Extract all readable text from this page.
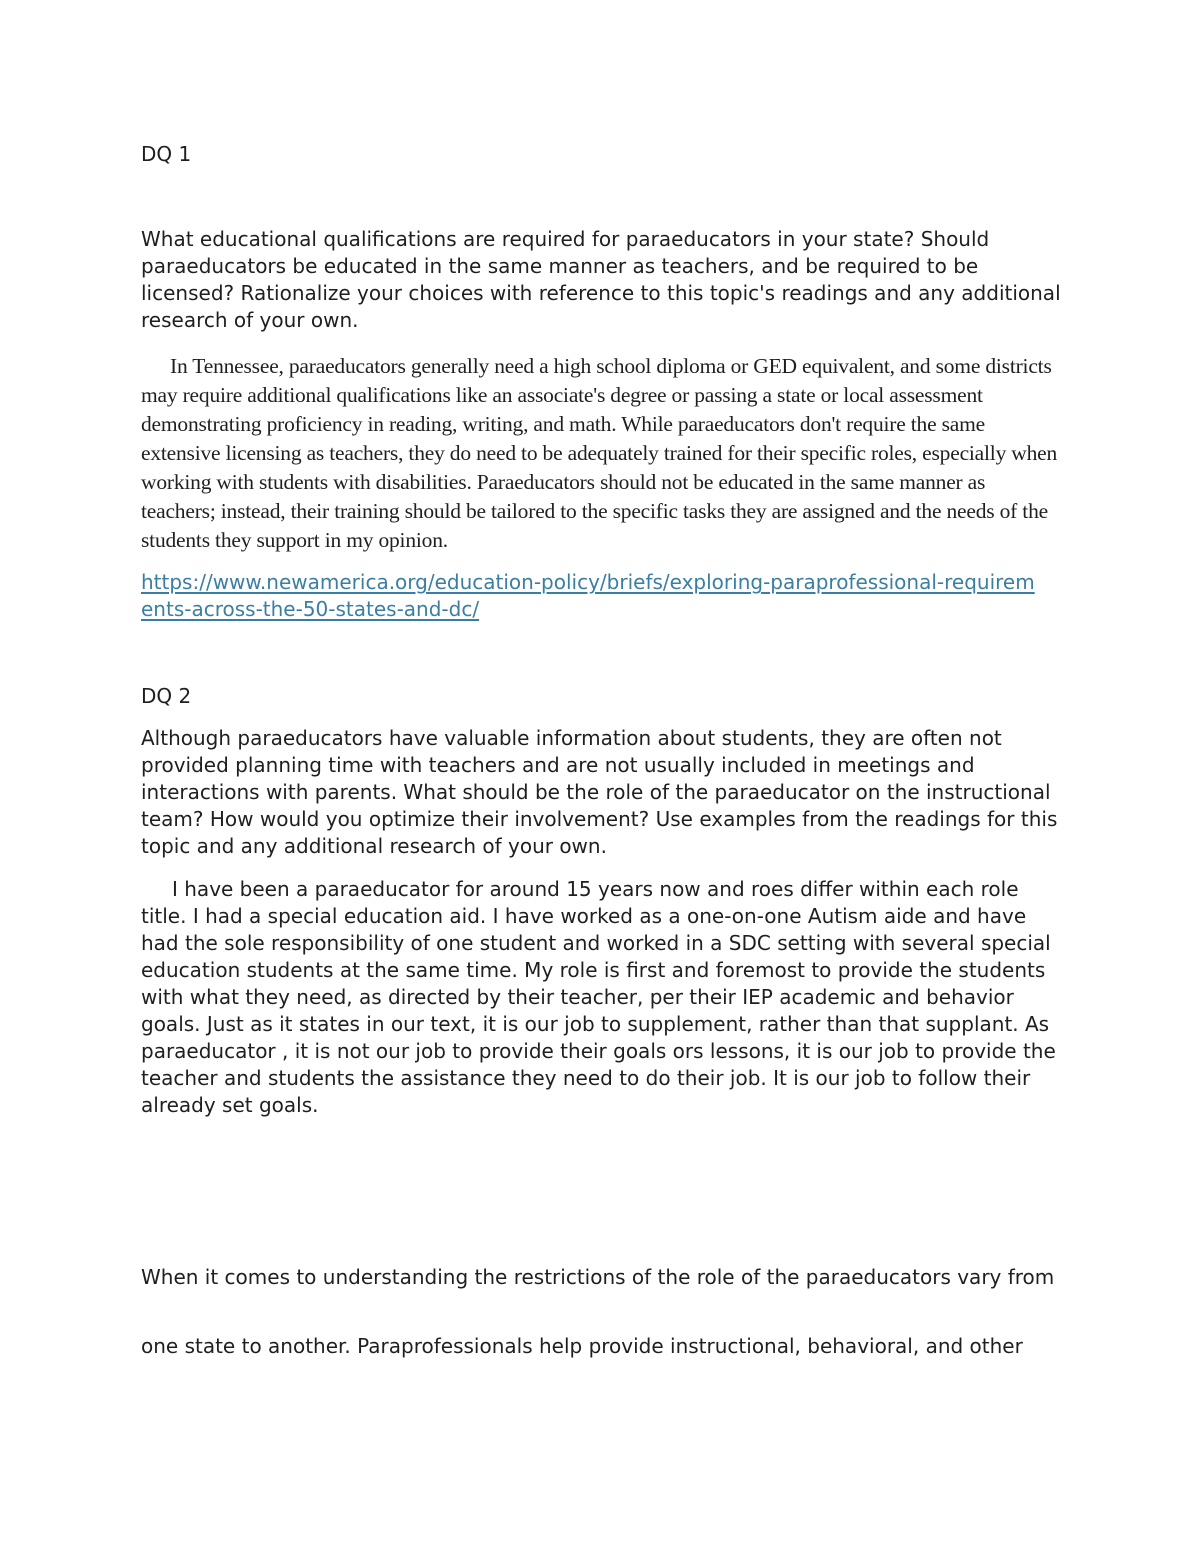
DQ 1

What educational qualifications are required for paraeducators in your state? Should paraeducators be educated in the same manner as teachers, and be required to be licensed? Rationalize your choices with reference to this topic's readings and any additional research of your own.

In Tennessee, paraeducators generally need a high school diploma or GED equivalent, and some districts may require additional qualifications like an associate's degree or passing a state or local assessment demonstrating proficiency in reading, writing, and math. While paraeducators don't require the same extensive licensing as teachers, they do need to be adequately trained for their specific roles, especially when working with students with disabilities. Paraeducators should not be educated in the same manner as teachers; instead, their training should be tailored to the specific tasks they are assigned and the needs of the students they support in my opinion.

https://www.newamerica.org/education-policy/briefs/exploring-paraprofessional-requirements-across-the-50-states-and-dc/

DQ 2

Although paraeducators have valuable information about students, they are often not provided planning time with teachers and are not usually included in meetings and interactions with parents. What should be the role of the paraeducator on the instructional team? How would you optimize their involvement? Use examples from the readings for this topic and any additional research of your own.

I have been a paraeducator for around 15 years now and roes differ within each role title. I had a special education aid. I have worked as a one-on-one Autism aide and have had the sole responsibility of one student and worked in a SDC setting with several special education students at the same time. My role is first and foremost to provide the students with what they need, as directed by their teacher, per their IEP academic and behavior goals. Just as it states in our text, it is our job to supplement, rather than that supplant. As paraeducator , it is not our job to provide their goals ors lessons, it is our job to provide the teacher and students the assistance they need to do their job. It is our job to follow their already set goals.

When it comes to understanding the restrictions of the role of the paraeducators vary from

one state to another. Paraprofessionals help provide instructional, behavioral, and other
